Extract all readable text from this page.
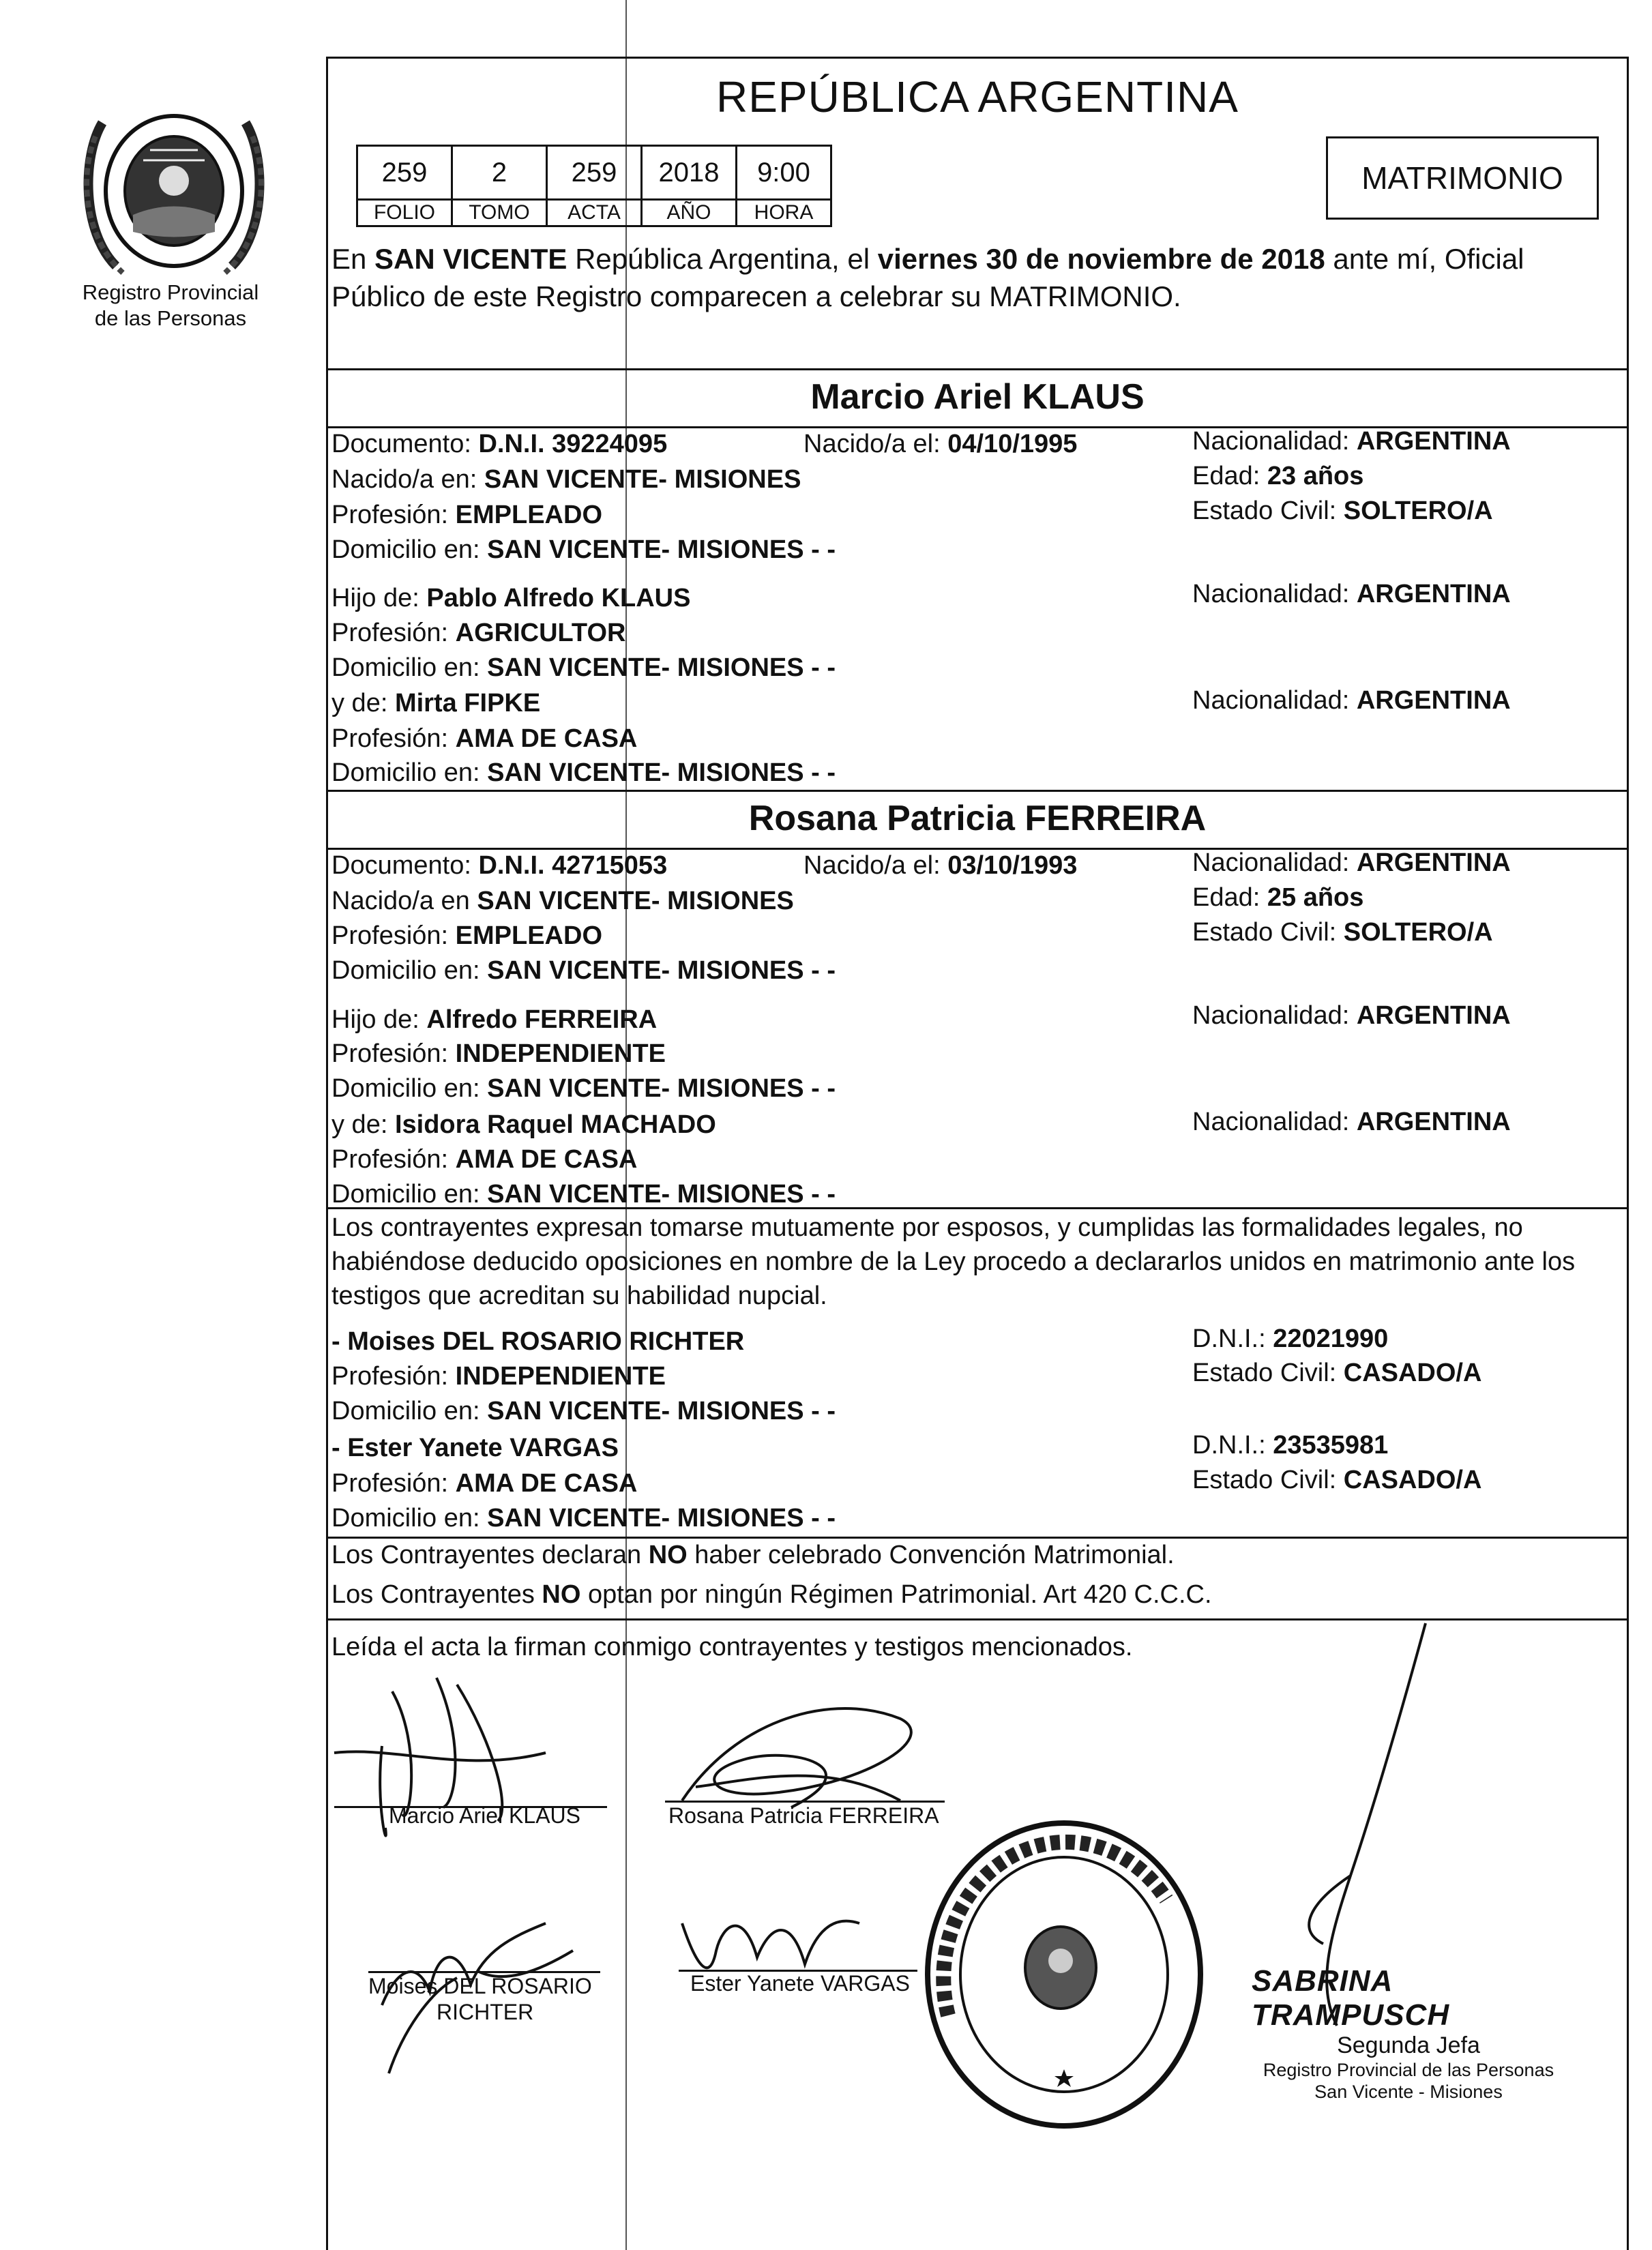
Registro Provincial
de las Personas
REPÚBLICA ARGENTINA
259	2	259	2018	9:00
FOLIO	TOMO	ACTA	AÑO	HORA
MATRIMONIO
En SAN VICENTE República Argentina, el viernes 30 de noviembre de 2018 ante mí, Oficial Público de este Registro comparecen a celebrar su MATRIMONIO.
Marcio Ariel KLAUS
Documento: D.N.I. 39224095	Nacido/a el: 04/10/1995	Nacionalidad: ARGENTINA
Nacido/a en: SAN VICENTE- MISIONES	Edad: 23 años
Profesión: EMPLEADO	Estado Civil: SOLTERO/A
Domicilio en: SAN VICENTE- MISIONES - -
Hijo de: Pablo Alfredo KLAUS	Nacionalidad: ARGENTINA
Profesión: AGRICULTOR
Domicilio en: SAN VICENTE- MISIONES - -
y de: Mirta FIPKE	Nacionalidad: ARGENTINA
Profesión: AMA DE CASA
Domicilio en: SAN VICENTE- MISIONES - -
Rosana Patricia FERREIRA
Documento: D.N.I. 42715053	Nacido/a el: 03/10/1993	Nacionalidad: ARGENTINA
Nacido/a en SAN VICENTE- MISIONES	Edad: 25 años
Profesión: EMPLEADO	Estado Civil: SOLTERO/A
Domicilio en: SAN VICENTE- MISIONES - -
Hijo de: Alfredo FERREIRA	Nacionalidad: ARGENTINA
Profesión: INDEPENDIENTE
Domicilio en: SAN VICENTE- MISIONES - -
y de: Isidora Raquel MACHADO	Nacionalidad: ARGENTINA
Profesión: AMA DE CASA
Domicilio en: SAN VICENTE- MISIONES - -
Los contrayentes expresan tomarse mutuamente por esposos, y cumplidas las formalidades legales, no habiéndose deducido oposiciones en nombre de la Ley procedo a declararlos unidos en matrimonio ante los testigos que acreditan su habilidad nupcial.
- Moises DEL ROSARIO RICHTER	D.N.I.: 22021990
Profesión: INDEPENDIENTE	Estado Civil: CASADO/A
Domicilio en: SAN VICENTE- MISIONES - -
- Ester Yanete VARGAS	D.N.I.: 23535981
Profesión: AMA DE CASA	Estado Civil: CASADO/A
Domicilio en: SAN VICENTE- MISIONES - -
Los Contrayentes declaran NO haber celebrado Convención Matrimonial.
Los Contrayentes NO optan por ningún Régimen Patrimonial. Art 420 C.C.C.
Leída el acta la firman conmigo contrayentes y testigos mencionados.
Marcio Ariel KLAUS	Rosana Patricia FERREIRA
Moises DEL ROSARIO
RICHTER
Ester Yanete VARGAS	SABRINA TRAMPUSCH
Segunda Jefa
Registro Provincial de las Personas
San Vicente - Misiones
